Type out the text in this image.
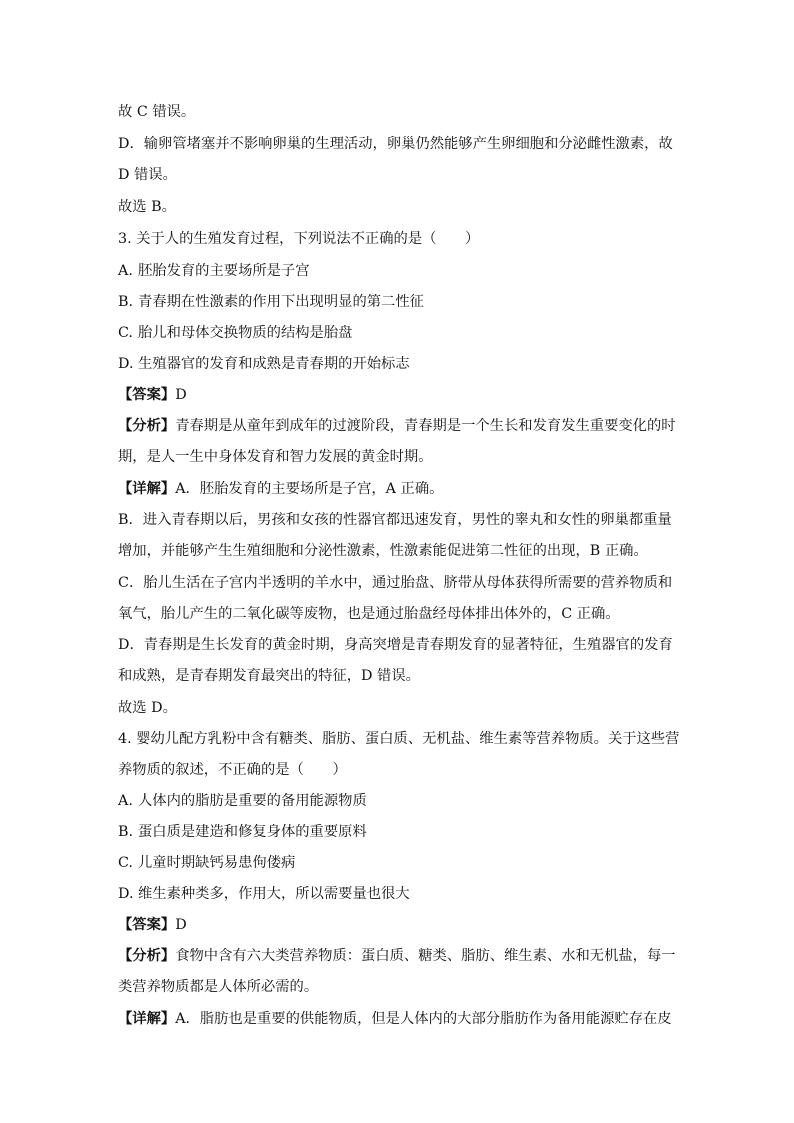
故 C 错误。
D．输卵管堵塞并不影响卵巢的生理活动，卵巢仍然能够产生卵细胞和分泌雌性激素，故
D 错误。
故选 B。
3. 关于人的生殖发育过程，下列说法不正确的是（　　）
A. 胚胎发育的主要场所是子宫
B. 青春期在性激素的作用下出现明显的第二性征
C. 胎儿和母体交换物质的结构是胎盘
D. 生殖器官的发育和成熟是青春期的开始标志
【答案】D
【分析】青春期是从童年到成年的过渡阶段，青春期是一个生长和发育发生重要变化的时
期，是人一生中身体发育和智力发展的黄金时期。
【详解】A．胚胎发育的主要场所是子宫，A 正确。
B．进入青春期以后，男孩和女孩的性器官都迅速发育，男性的睾丸和女性的卵巢都重量
增加，并能够产生生殖细胞和分泌性激素，性激素能促进第二性征的出现，B 正确。
C．胎儿生活在子宫内半透明的羊水中，通过胎盘、脐带从母体获得所需要的营养物质和
氧气，胎儿产生的二氧化碳等废物，也是通过胎盘经母体排出体外的，C 正确。
D．青春期是生长发育的黄金时期，身高突增是青春期发育的显著特征，生殖器官的发育
和成熟，是青春期发育最突出的特征，D 错误。
故选 D。
4. 婴幼儿配方乳粉中含有糖类、脂肪、蛋白质、无机盐、维生素等营养物质。关于这些营
养物质的叙述，不正确的是（　　）
A. 人体内的脂肪是重要的备用能源物质
B. 蛋白质是建造和修复身体的重要原料
C. 儿童时期缺钙易患佝偻病
D. 维生素种类多，作用大，所以需要量也很大
【答案】D
【分析】食物中含有六大类营养物质：蛋白质、糖类、脂肪、维生素、水和无机盐，每一
类营养物质都是人体所必需的。
【详解】A．脂肪也是重要的供能物质，但是人体内的大部分脂肪作为备用能源贮存在皮
